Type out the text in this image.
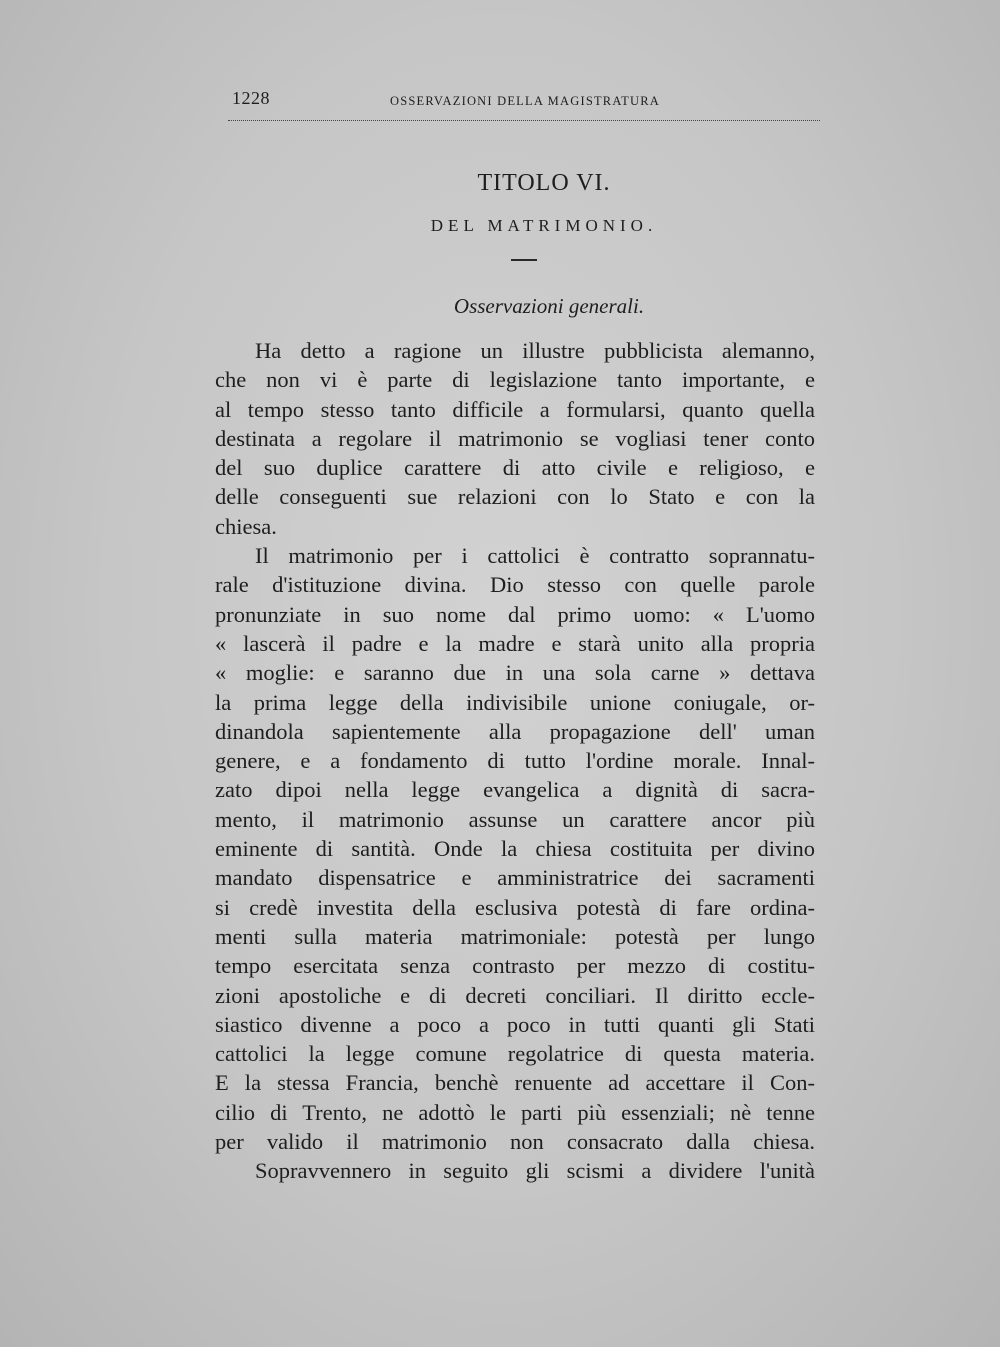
1228	OSSERVAZIONI DELLA MAGISTRATURA
TITOLO VI.
DEL MATRIMONIO.
Osservazioni generali.
Ha detto a ragione un illustre pubblicista alemanno,
che non vi è parte di legislazione tanto importante, e
al tempo stesso tanto difficile a formularsi, quanto quella
destinata a regolare il matrimonio se vogliasi tener conto
del suo duplice carattere di atto civile e religioso, e
delle conseguenti sue relazioni con lo Stato e con la
chiesa.
Il matrimonio per i cattolici è contratto soprannatu-
rale d'istituzione divina. Dio stesso con quelle parole
pronunziate in suo nome dal primo uomo: « L'uomo
« lascerà il padre e la madre e starà unito alla propria
« moglie: e saranno due in una sola carne » dettava
la prima legge della indivisibile unione coniugale, or-
dinandola sapientemente alla propagazione dell' uman
genere, e a fondamento di tutto l'ordine morale. Innal-
zato dipoi nella legge evangelica a dignità di sacra-
mento, il matrimonio assunse un carattere ancor più
eminente di santità. Onde la chiesa costituita per divino
mandato dispensatrice e amministratrice dei sacramenti
si credè investita della esclusiva potestà di fare ordina-
menti sulla materia matrimoniale: potestà per lungo
tempo esercitata senza contrasto per mezzo di costitu-
zioni apostoliche e di decreti conciliari. Il diritto eccle-
siastico divenne a poco a poco in tutti quanti gli Stati
cattolici la legge comune regolatrice di questa materia.
E la stessa Francia, benchè renuente ad accettare il Con-
cilio di Trento, ne adottò le parti più essenziali; nè tenne
per valido il matrimonio non consacrato dalla chiesa.
Sopravvennero in seguito gli scismi a dividere l'unità
